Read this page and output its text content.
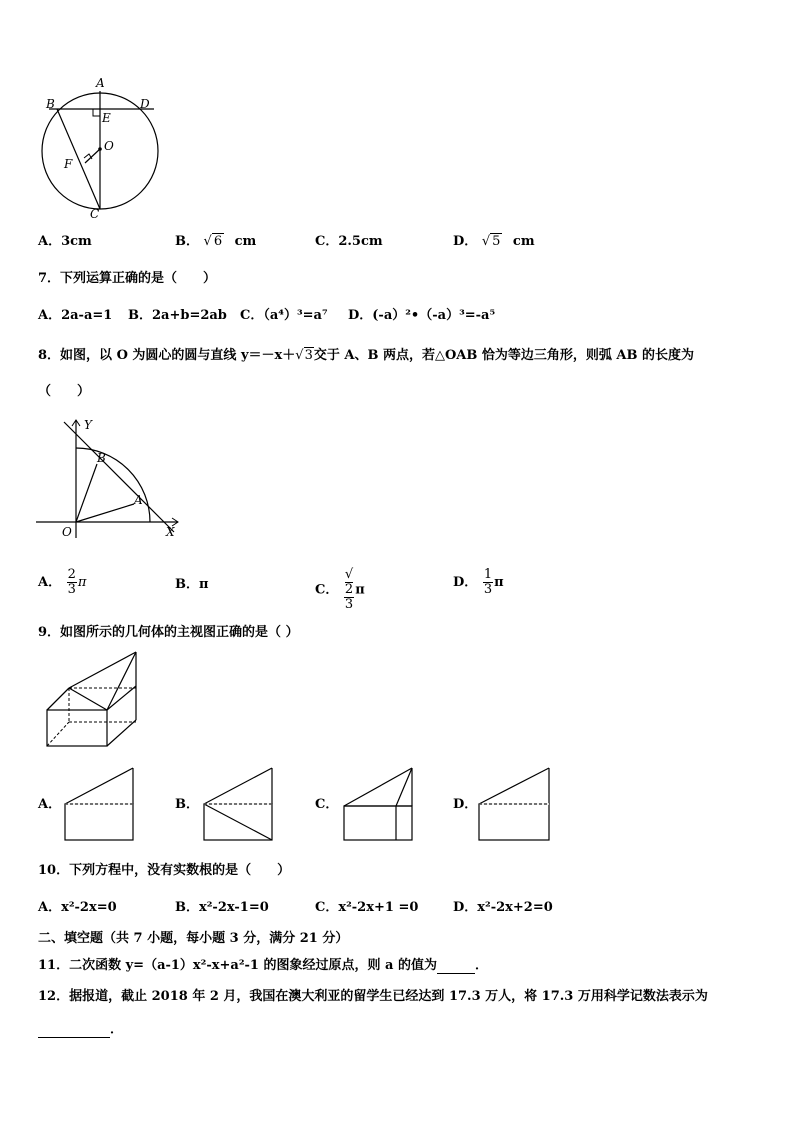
A
B	D
E
O
F
C
A．3cm	B． √ 6 cm	C．2.5cm	D． √ 5 cm
7．下列运算正确的是（　　）
A．2a-a=1 B．2a+b=2ab C．（a⁴）³=a⁷ D．(-a）²•（-a）³=-a⁵
8．如图，以 O 为圆心的圆与直线 y＝－x＋√3交于 A、B 两点，若△OAB 恰为等边三角形，则弧 AB 的长度为
（　　）
Y
X
O
B
A
A． $\frac{2}{3}$ π	B．π	C． √
2
3 π	D． $\frac{1}{3}$ π
9．如图所示的几何体的主视图正确的是（ ）
A．	B．	C．	D．
10．下列方程中，没有实数根的是（　　）
A．x²-2x=0	B．x²-2x-1=0	C．x²-2x+1 =0	D．x²-2x+2=0
二、填空题（共 7 小题，每小题 3 分，满分 21 分）
11．二次函数 y=（a-1）x²-x+a²-1 的图象经过原点，则 a 的值为	．
12．据报道，截止 2018 年 2 月，我国在澳大利亚的留学生已经达到 17.3 万人，将 17.3 万用科学记数法表示为
．
